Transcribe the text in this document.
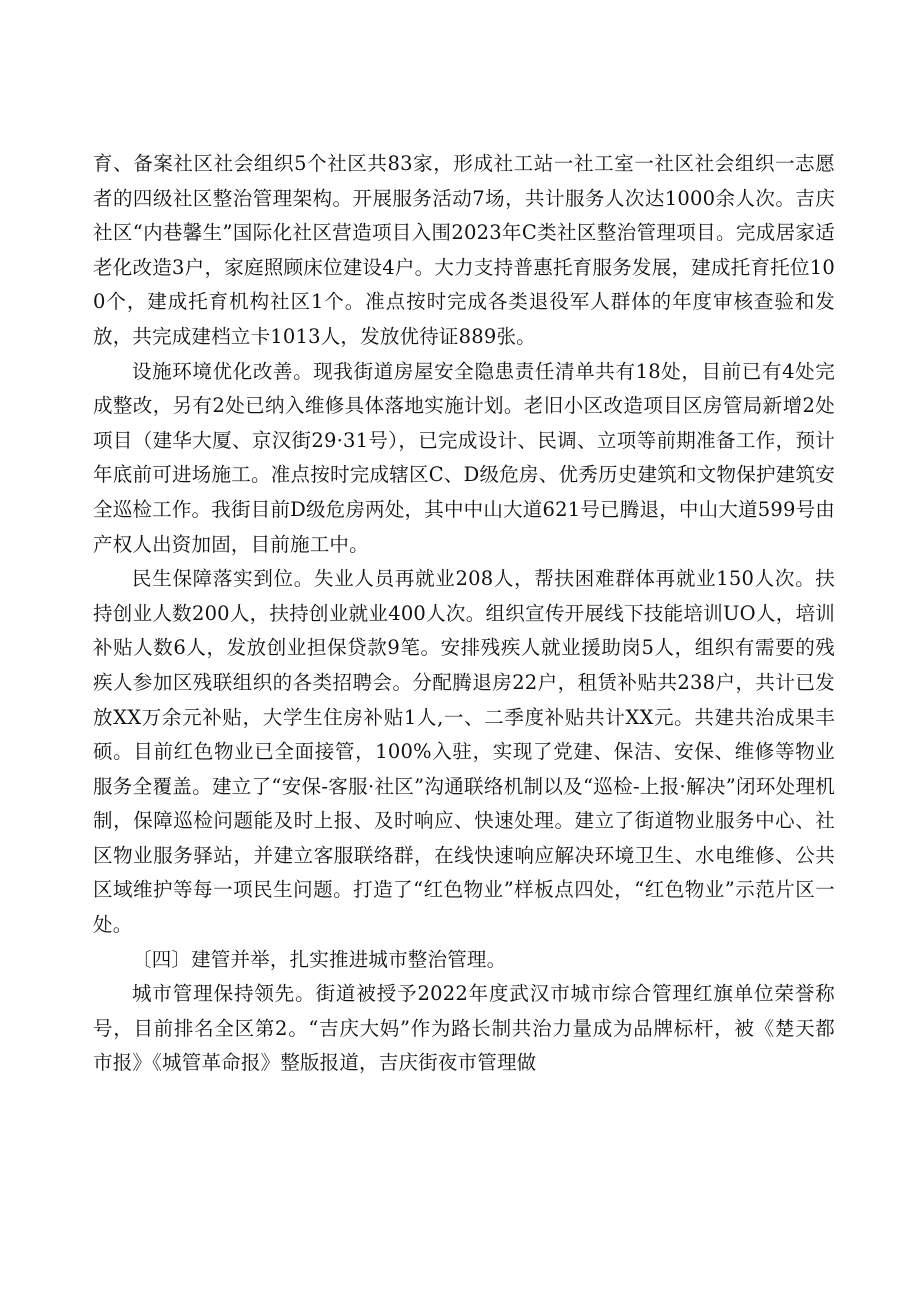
育、备案社区社会组织5个社区共83家，形成社工站一社工室一社区社会组织一志愿者的四级社区整治管理架构。开展服务活动7场，共计服务人次达1000余人次。吉庆社区“内巷馨生”国际化社区营造项目入围2023年C类社区整治管理项目。完成居家适老化改造3户，家庭照顾床位建设4户。大力支持普惠托育服务发展，建成托育托位100个，建成托育机构社区1个。准点按时完成各类退役军人群体的年度审核查验和发放，共完成建档立卡1013人，发放优待证889张。

设施环境优化改善。现我街道房屋安全隐患责任清单共有18处，目前已有4处完成整改，另有2处已纳入维修具体落地实施计划。老旧小区改造项目区房管局新增2处项目（建华大厦、京汉街29·31号），已完成设计、民调、立项等前期准备工作，预计年底前可进场施工。准点按时完成辖区C、D级危房、优秀历史建筑和文物保护建筑安全巡检工作。我街目前D级危房两处，其中中山大道621号已腾退，中山大道599号由产权人出资加固，目前施工中。

民生保障落实到位。失业人员再就业208人，帮扶困难群体再就业150人次。扶持创业人数200人，扶持创业就业400人次。组织宣传开展线下技能培训UO人，培训补贴人数6人，发放创业担保贷款9笔。安排残疾人就业援助岗5人，组织有需要的残疾人参加区残联组织的各类招聘会。分配腾退房22户，租赁补贴共238户，共计已发放XX万余元补贴，大学生住房补贴1人,一、二季度补贴共计XX元。共建共治成果丰硕。目前红色物业已全面接管，100%入驻，实现了党建、保洁、安保、维修等物业服务全覆盖。建立了“安保-客服·社区”沟通联络机制以及“巡检-上报·解决”闭环处理机制，保障巡检问题能及时上报、及时响应、快速处理。建立了街道物业服务中心、社区物业服务驿站，并建立客服联络群，在线快速响应解决环境卫生、水电维修、公共区域维护等每一项民生问题。打造了“红色物业”样板点四处，“红色物业”示范片区一处。

〔四〕建管并举，扎实推进城市整治管理。

城市管理保持领先。街道被授予2022年度武汉市城市综合管理红旗单位荣誉称号，目前排名全区第2。“吉庆大妈”作为路长制共治力量成为品牌标杆，被《楚天都市报》《城管革命报》整版报道，吉庆街夜市管理做
